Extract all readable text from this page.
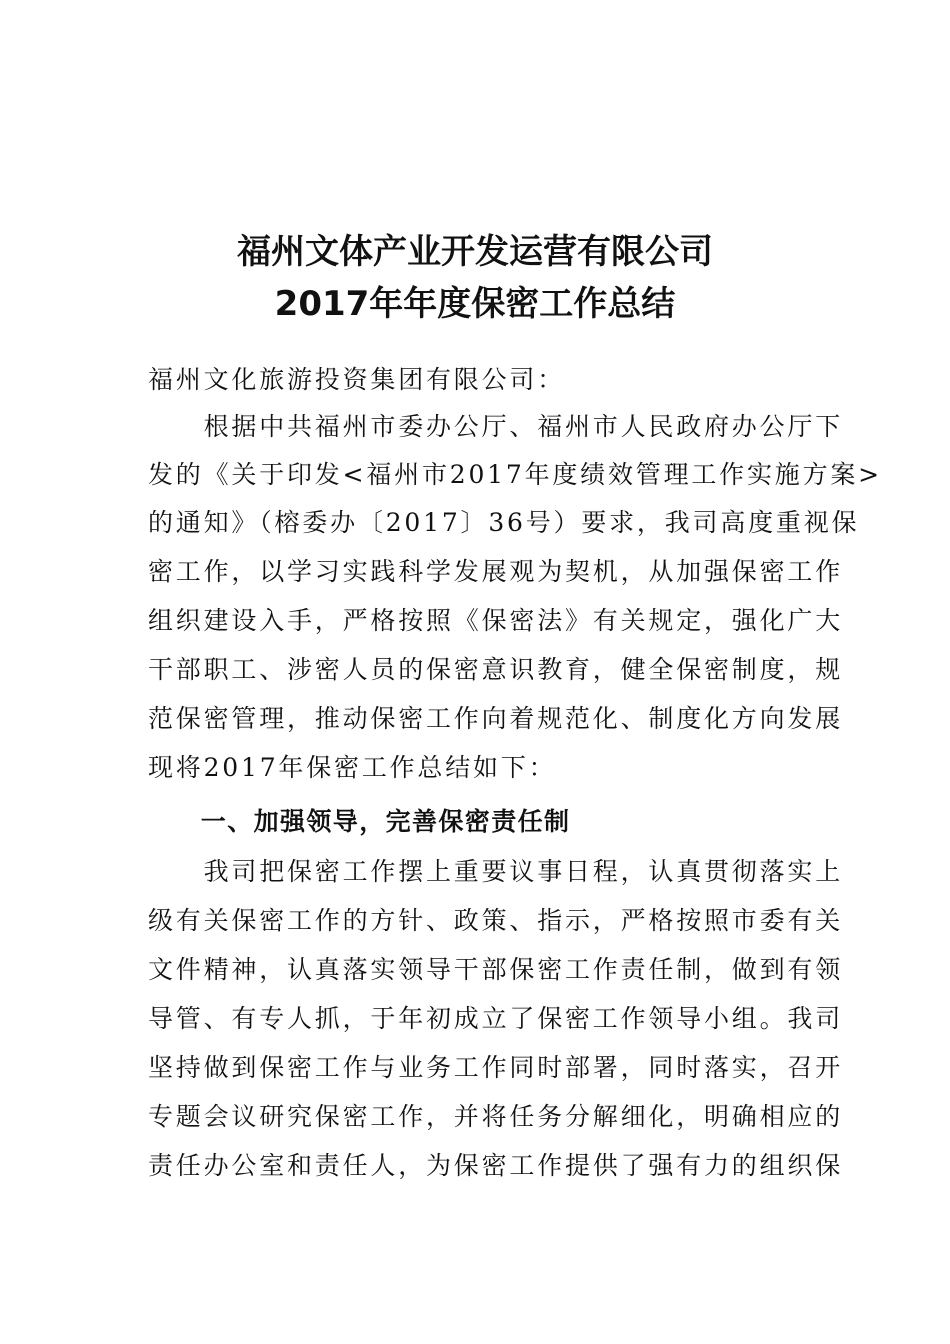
福州文体产业开发运营有限公司
2017年年度保密工作总结
福州文化旅游投资集团有限公司：
　　根据中共福州市委办公厅、福州市人民政府办公厅下
发的《关于印发<福州市2017年度绩效管理工作实施方案>
的通知》（榕委办〔2017〕36号）要求，我司高度重视保
密工作，以学习实践科学发展观为契机，从加强保密工作
组织建设入手，严格按照《保密法》有关规定，强化广大
干部职工、涉密人员的保密意识教育，健全保密制度，规
范保密管理，推动保密工作向着规范化、制度化方向发展
现将2017年保密工作总结如下：
　　一、加强领导，完善保密责任制
　　我司把保密工作摆上重要议事日程，认真贯彻落实上
级有关保密工作的方针、政策、指示，严格按照市委有关
文件精神，认真落实领导干部保密工作责任制，做到有领
导管、有专人抓，于年初成立了保密工作领导小组。我司
坚持做到保密工作与业务工作同时部署，同时落实，召开
专题会议研究保密工作，并将任务分解细化，明确相应的
责任办公室和责任人，为保密工作提供了强有力的组织保
